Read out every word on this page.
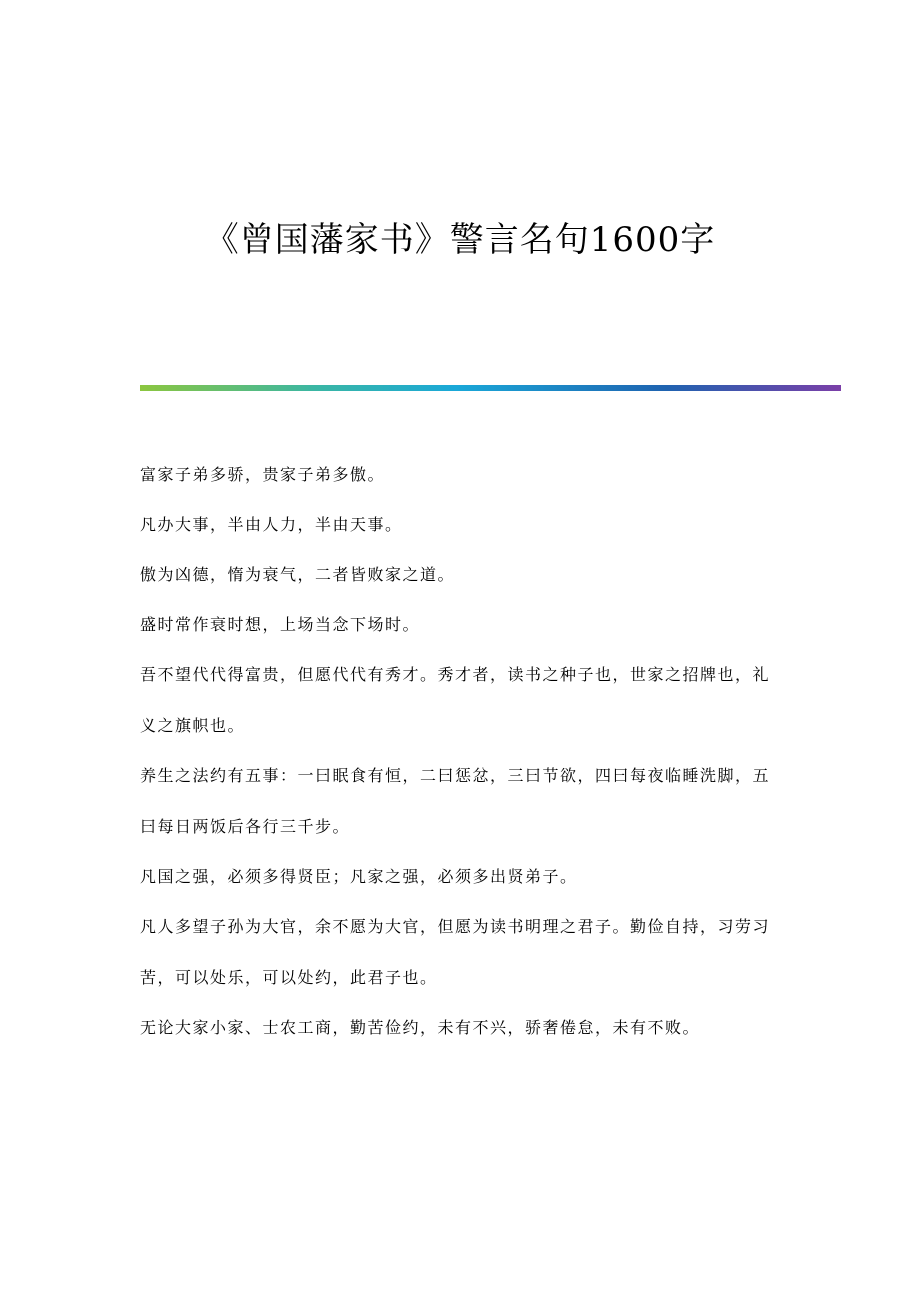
《曾国藩家书》警言名句1600字

富家子弟多骄，贵家子弟多傲。

凡办大事，半由人力，半由天事。

傲为凶德，惰为衰气，二者皆败家之道。

盛时常作衰时想，上场当念下场时。

吾不望代代得富贵，但愿代代有秀才。秀才者，读书之种子也，世家之招牌也，礼义之旗帜也。

养生之法约有五事：一曰眠食有恒，二曰惩忿，三曰节欲，四曰每夜临睡洗脚，五曰每日两饭后各行三千步。

凡国之强，必须多得贤臣；凡家之强，必须多出贤弟子。

凡人多望子孙为大官，余不愿为大官，但愿为读书明理之君子。勤俭自持，习劳习苦，可以处乐，可以处约，此君子也。

无论大家小家、士农工商，勤苦俭约，未有不兴，骄奢倦怠，未有不败。
